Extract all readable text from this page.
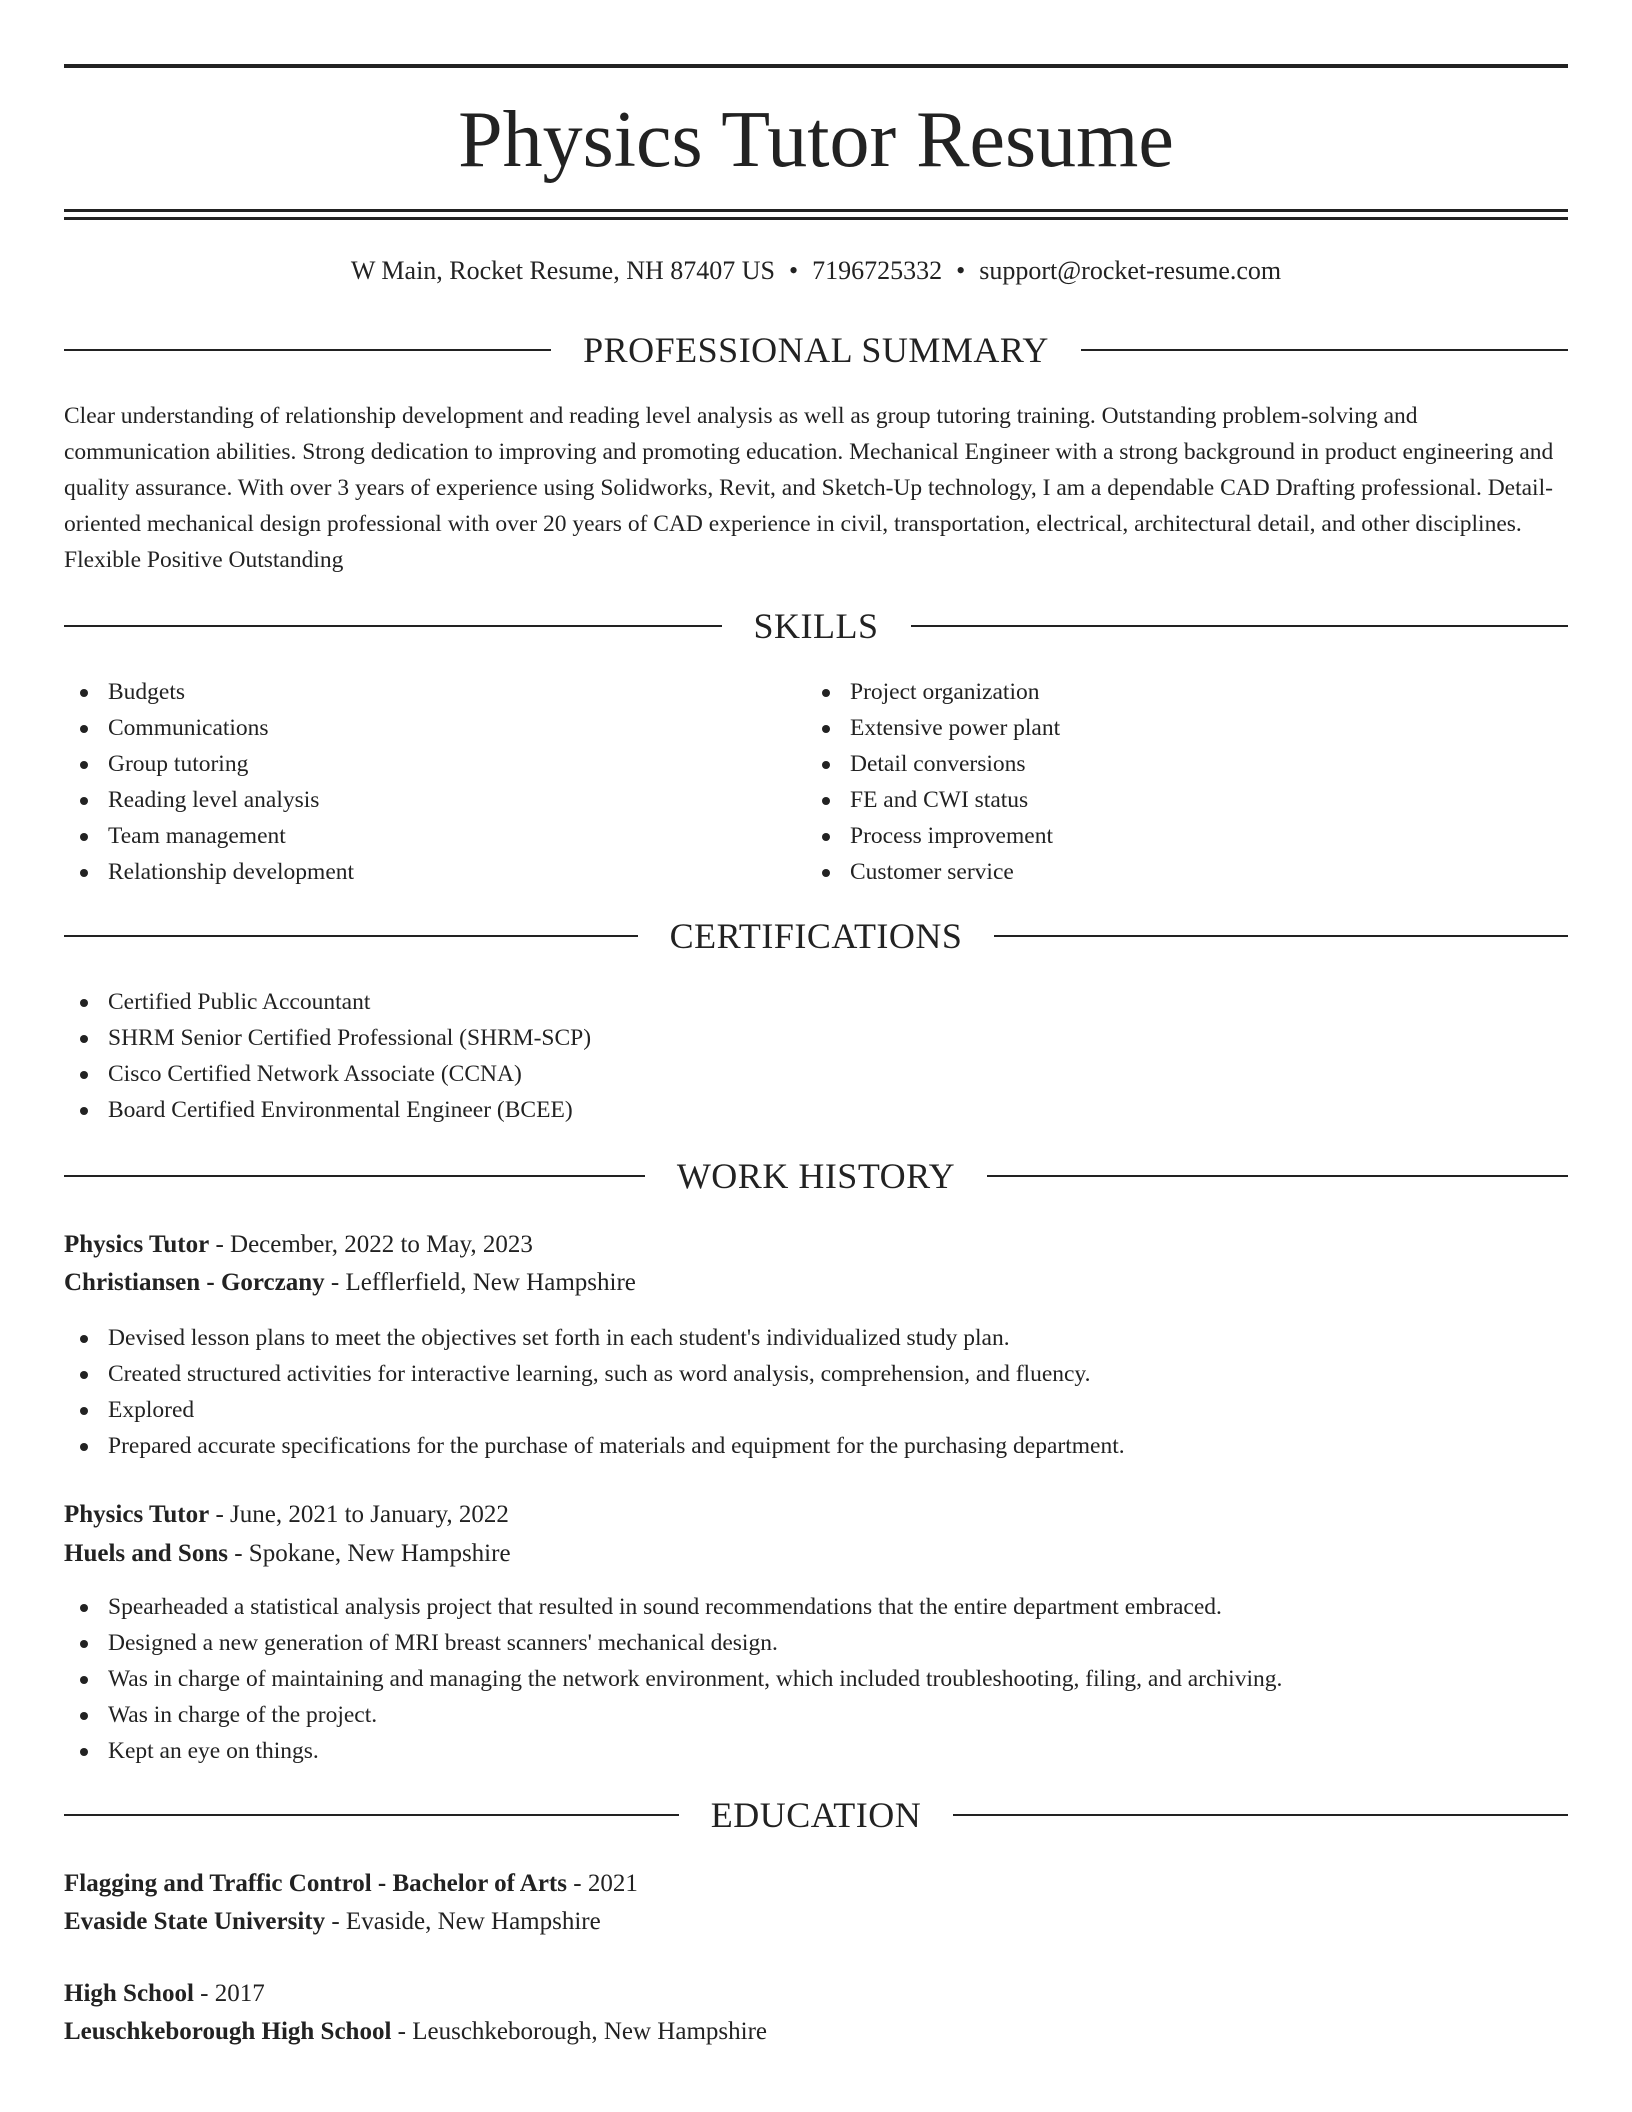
Physics Tutor Resume
W Main, Rocket Resume, NH 87407 US • 7196725332 • support@rocket-resume.com
PROFESSIONAL SUMMARY

Clear understanding of relationship development and reading level analysis as well as group tutoring training. Outstanding problem-solving and communication abilities. Strong dedication to improving and promoting education. Mechanical Engineer with a strong background in product engineering and quality assurance. With over 3 years of experience using Solidworks, Revit, and Sketch-Up technology, I am a dependable CAD Drafting professional. Detail-oriented mechanical design professional with over 20 years of CAD experience in civil, transportation, electrical, architectural detail, and other disciplines. Flexible Positive Outstanding

SKILLS
Budgets
Communications
Group tutoring
Reading level analysis
Team management
Relationship development
Project organization
Extensive power plant
Detail conversions
FE and CWI status
Process improvement
Customer service
CERTIFICATIONS
Certified Public Accountant
SHRM Senior Certified Professional (SHRM-SCP)
Cisco Certified Network Associate (CCNA)
Board Certified Environmental Engineer (BCEE)
WORK HISTORY
Physics Tutor - December, 2022 to May, 2023
Christiansen - Gorczany - Lefflerfield, New Hampshire
Devised lesson plans to meet the objectives set forth in each student's individualized study plan.
Created structured activities for interactive learning, such as word analysis, comprehension, and fluency.
Explored
Prepared accurate specifications for the purchase of materials and equipment for the purchasing department.
Physics Tutor - June, 2021 to January, 2022
Huels and Sons - Spokane, New Hampshire
Spearheaded a statistical analysis project that resulted in sound recommendations that the entire department embraced.
Designed a new generation of MRI breast scanners' mechanical design.
Was in charge of maintaining and managing the network environment, which included troubleshooting, filing, and archiving.
Was in charge of the project.
Kept an eye on things.
EDUCATION
Flagging and Traffic Control - Bachelor of Arts - 2021
Evaside State University - Evaside, New Hampshire
High School - 2017
Leuschkeborough High School - Leuschkeborough, New Hampshire
